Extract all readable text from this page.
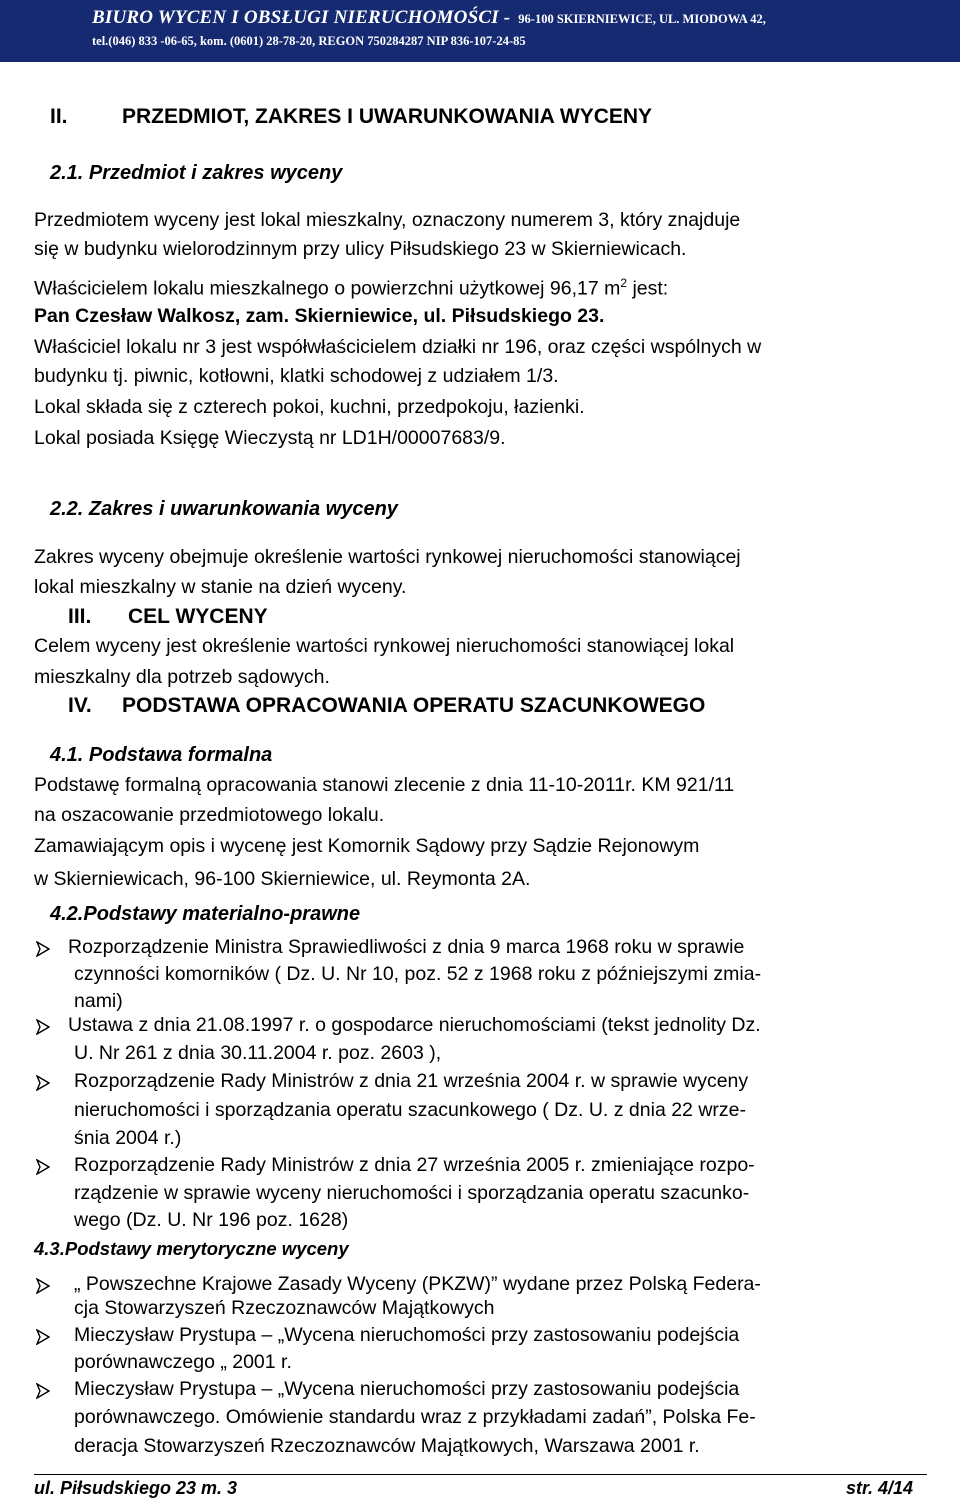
BIURO WYCEN I OBSŁUGI NIERUCHOMOŚCI - 96-100 SKIERNIEWICE, UL. MIODOWA 42,
tel.(046) 833 -06-65, kom. (0601) 28-78-20, REGON 750284287 NIP 836-107-24-85
II.	PRZEDMIOT, ZAKRES I UWARUNKOWANIA WYCENY
2.1. Przedmiot i zakres wyceny
Przedmiotem wyceny jest lokal mieszkalny, oznaczony numerem 3, który znajduje
się w budynku wielorodzinnym przy ulicy Piłsudskiego 23 w Skierniewicach.
Właścicielem lokalu mieszkalnego o powierzchni użytkowej 96,17 $m^2$ jest:
Pan Czesław Walkosz, zam. Skierniewice, ul. Piłsudskiego 23.
Właściciel lokalu nr 3 jest współwłaścicielem działki nr 196, oraz części wspólnych w
budynku tj. piwnic, kotłowni, klatki schodowej z udziałem 1/3.
Lokal składa się z czterech pokoi, kuchni, przedpokoju, łazienki.
Lokal posiada Księgę Wieczystą nr LD1H/00007683/9.
2.2. Zakres i uwarunkowania wyceny
Zakres wyceny obejmuje określenie wartości rynkowej nieruchomości stanowiącej
lokal mieszkalny w stanie na dzień wyceny.
III. CEL WYCENY
Celem wyceny jest określenie wartości rynkowej nieruchomości stanowiącej lokal
mieszkalny dla potrzeb sądowych.
IV. PODSTAWA OPRACOWANIA OPERATU SZACUNKOWEGO
4.1. Podstawa formalna
Podstawę formalną opracowania stanowi zlecenie z dnia 11-10-2011r. KM 921/11
na oszacowanie przedmiotowego lokalu.
Zamawiającym opis i wycenę jest Komornik Sądowy przy Sądzie Rejonowym
w Skierniewicach, 96-100 Skierniewice, ul. Reymonta 2A.
4.2.Podstawy materialno-prawne
Rozporządzenie Ministra Sprawiedliwości z dnia 9 marca 1968 roku w sprawie
czynności komorników ( Dz. U. Nr 10, poz. 52 z 1968 roku z późniejszymi zmia-
nami)
Ustawa z dnia 21.08.1997 r. o gospodarce nieruchomościami (tekst jednolity Dz.
U. Nr 261 z dnia 30.11.2004 r. poz. 2603 ),
Rozporządzenie Rady Ministrów z dnia 21 września 2004 r. w sprawie wyceny
nieruchomości i sporządzania operatu szacunkowego ( Dz. U. z dnia 22 wrze-
śnia 2004 r.)
Rozporządzenie Rady Ministrów z dnia 27 września 2005 r. zmieniające rozpo-
rządzenie w sprawie wyceny nieruchomości i sporządzania operatu szacunko-
wego (Dz. U. Nr 196 poz. 1628)
4.3.Podstawy merytoryczne wyceny
„ Powszechne Krajowe Zasady Wyceny (PKZW)” wydane przez Polską Federa-
cja Stowarzyszeń Rzeczoznawców Majątkowych
Mieczysław Prystupa – „Wycena nieruchomości przy zastosowaniu podejścia
porównawczego „ 2001 r.
Mieczysław Prystupa – „Wycena nieruchomości przy zastosowaniu podejścia
porównawczego. Omówienie standardu wraz z przykładami zadań”, Polska Fe-
deracja Stowarzyszeń Rzeczoznawców Majątkowych, Warszawa 2001 r.
ul. Piłsudskiego 23 m. 3	str. 4/14
